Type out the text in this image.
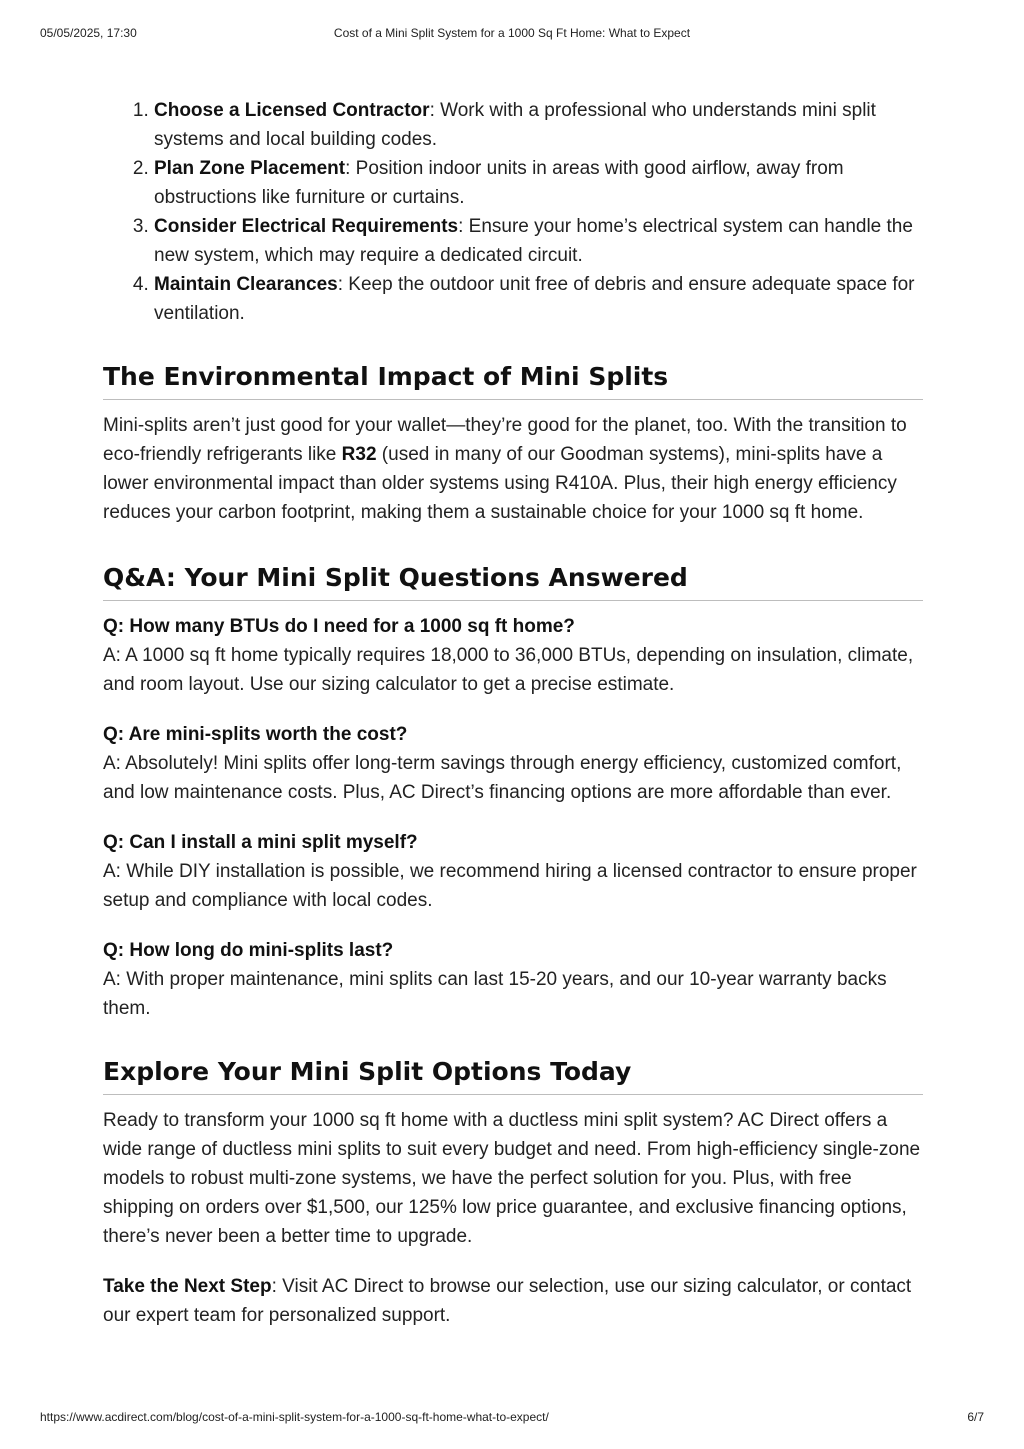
05/05/2025, 17:30	Cost of a Mini Split System for a 1000 Sq Ft Home: What to Expect
1. Choose a Licensed Contractor: Work with a professional who understands mini split systems and local building codes.
2. Plan Zone Placement: Position indoor units in areas with good airflow, away from obstructions like furniture or curtains.
3. Consider Electrical Requirements: Ensure your home’s electrical system can handle the new system, which may require a dedicated circuit.
4. Maintain Clearances: Keep the outdoor unit free of debris and ensure adequate space for ventilation.
The Environmental Impact of Mini Splits

Mini-splits aren’t just good for your wallet—they’re good for the planet, too. With the transition to eco-friendly refrigerants like R32 (used in many of our Goodman systems), mini-splits have a lower environmental impact than older systems using R410A. Plus, their high energy efficiency reduces your carbon footprint, making them a sustainable choice for your 1000 sq ft home.

Q&A: Your Mini Split Questions Answered

Q: How many BTUs do I need for a 1000 sq ft home?

A: A 1000 sq ft home typically requires 18,000 to 36,000 BTUs, depending on insulation, climate, and room layout. Use our sizing calculator to get a precise estimate.

Q: Are mini-splits worth the cost?

A: Absolutely! Mini splits offer long-term savings through energy efficiency, customized comfort, and low maintenance costs. Plus, AC Direct’s financing options are more affordable than ever.

Q: Can I install a mini split myself?

A: While DIY installation is possible, we recommend hiring a licensed contractor to ensure proper setup and compliance with local codes.

Q: How long do mini-splits last?

A: With proper maintenance, mini splits can last 15-20 years, and our 10-year warranty backs them.

Explore Your Mini Split Options Today

Ready to transform your 1000 sq ft home with a ductless mini split system? AC Direct offers a wide range of ductless mini splits to suit every budget and need. From high-efficiency single-zone models to robust multi-zone systems, we have the perfect solution for you. Plus, with free shipping on orders over $1,500, our 125% low price guarantee, and exclusive financing options, there’s never been a better time to upgrade.

Take the Next Step: Visit AC Direct to browse our selection, use our sizing calculator, or contact our expert team for personalized support.

https://www.acdirect.com/blog/cost-of-a-mini-split-system-for-a-1000-sq-ft-home-what-to-expect/	6/7
